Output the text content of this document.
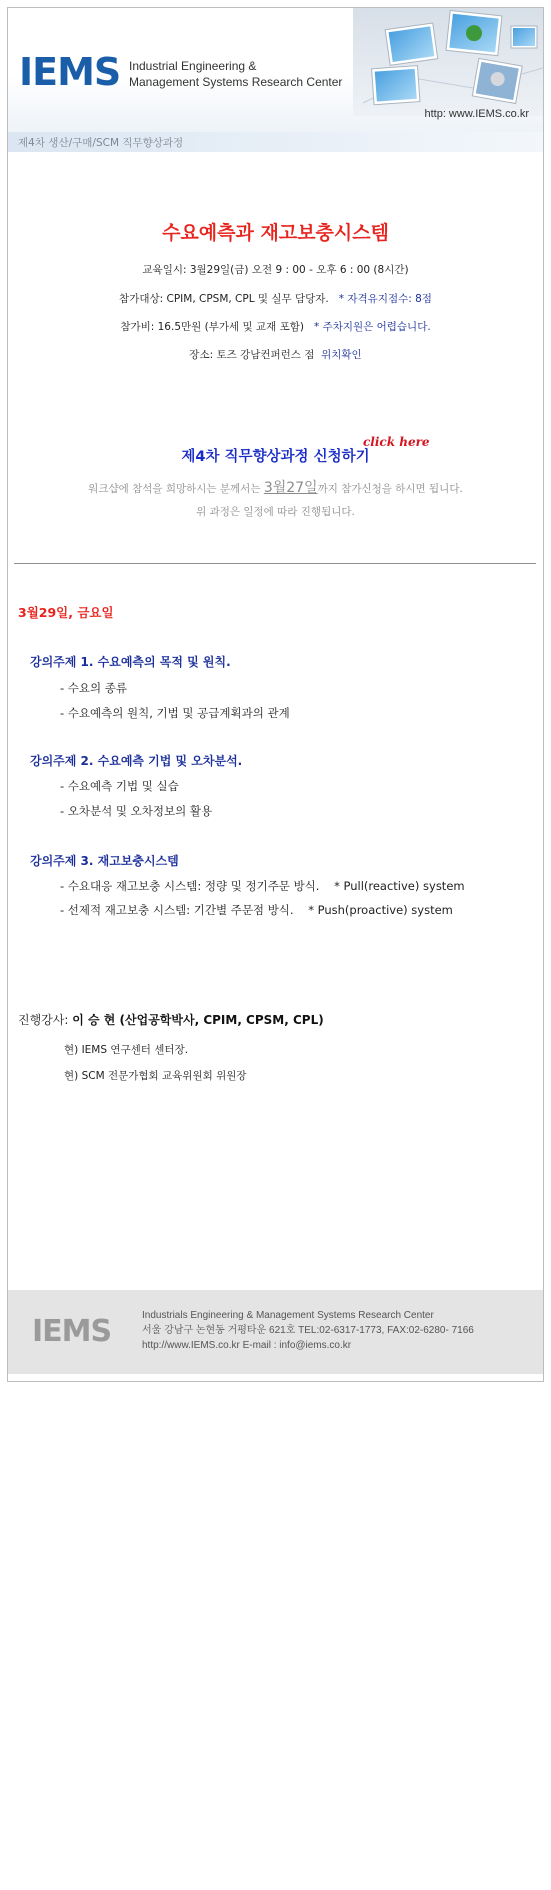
IEMS Industrial Engineering &
Management Systems Research Center
http: www.IEMS.co.kr
제4차 생산/구매/SCM 직무향상과정
수요예측과 재고보충시스템
교육일시: 3월29일(금) 오전 9 : 00 - 오후 6 : 00 (8시간)
참가대상: CPIM, CPSM, CPL 및 실무 담당자. * 자격유지점수: 8점
참가비: 16.5만원 (부가세 및 교재 포함) * 주차지원은 어렵습니다.
장소: 토즈 강남컨퍼런스 점 위치확인
제4차 직무향상과정 신청하기
click here
워크샵에 참석을 희망하시는 분께서는 3월27일까지 참가신청을 하시면 됩니다.
위 과정은 일정에 따라 진행됩니다.
3월29일, 금요일
강의주제 1. 수요예측의 목적 및 원칙.
- 수요의 종류
- 수요예측의 원칙, 기법 및 공급계획과의 관계
강의주제 2. 수요예측 기법 및 오차분석.
- 수요예측 기법 및 실습
- 오차분석 및 오차정보의 활용
강의주제 3. 재고보충시스템
- 수요대응 재고보충 시스템: 정량 및 정기주문 방식.    * Pull(reactive) system
- 선제적 재고보충 시스템: 기간별 주문점 방식.    * Push(proactive) system
진행강사: 이 승 현 (산업공학박사, CPIM, CPSM, CPL)
현) IEMS 연구센터 센터장.
현) SCM 전문가협회 교육위원회 위원장
IEMS	Industrials Engineering & Management Systems Research Center
서울 강남구 논현동 거평타운 621호 TEL:02-6317-1773, FAX:02-6280- 7166
http://www.IEMS.co.kr E-mail : info@iems.co.kr
